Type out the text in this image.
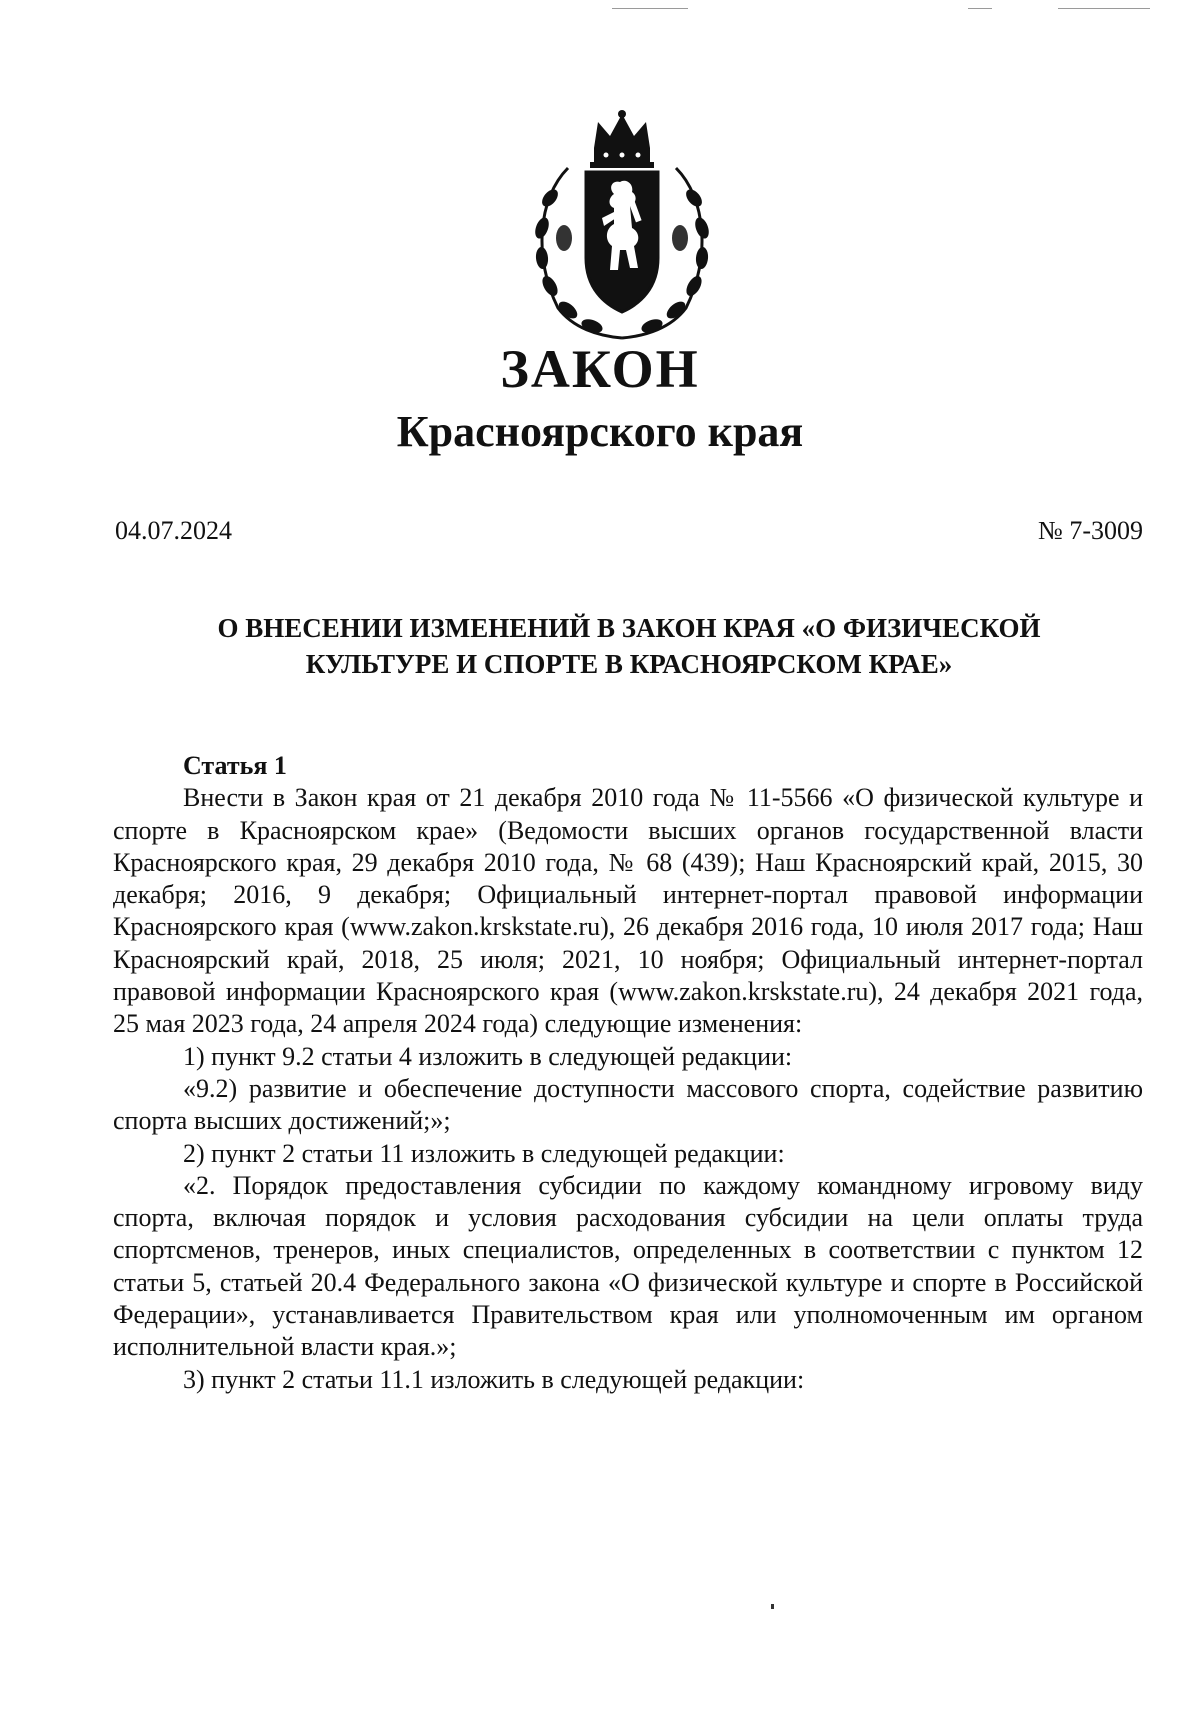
ЗАКОН
Красноярского края
04.07.2024	№ 7-3009
О ВНЕСЕНИИ ИЗМЕНЕНИЙ В ЗАКОН КРАЯ «О ФИЗИЧЕСКОЙ
КУЛЬТУРЕ И СПОРТЕ В КРАСНОЯРСКОМ КРАЕ»

Статья 1

Внести в Закон края от 21 декабря 2010 года № 11-5566 «О физической культуре и спорте в Красноярском крае» (Ведомости высших органов государственной власти Красноярского края, 29 декабря 2010 года, № 68 (439); Наш Красноярский край, 2015, 30 декабря; 2016, 9 декабря; Официальный интернет-портал правовой информации Красноярского края (www.zakon.krskstate.ru), 26 декабря 2016 года, 10 июля 2017 года; Наш Красноярский край, 2018, 25 июля; 2021, 10 ноября; Официальный интернет-портал правовой информации Красноярского края (www.zakon.krskstate.ru), 24 декабря 2021 года, 25 мая 2023 года, 24 апреля 2024 года) следующие изменения:

1) пункт 9.2 статьи 4 изложить в следующей редакции:

«9.2) развитие и обеспечение доступности массового спорта, содействие развитию спорта высших достижений;»;

2) пункт 2 статьи 11 изложить в следующей редакции:

«2. Порядок предоставления субсидии по каждому командному игровому виду спорта, включая порядок и условия расходования субсидии на цели оплаты труда спортсменов, тренеров, иных специалистов, определенных в соответствии с пунктом 12 статьи 5, статьей 20.4 Федерального закона «О физической культуре и спорте в Российской Федерации», устанавливается Правительством края или уполномоченным им органом исполнительной власти края.»;

3) пункт 2 статьи 11.1 изложить в следующей редакции:
